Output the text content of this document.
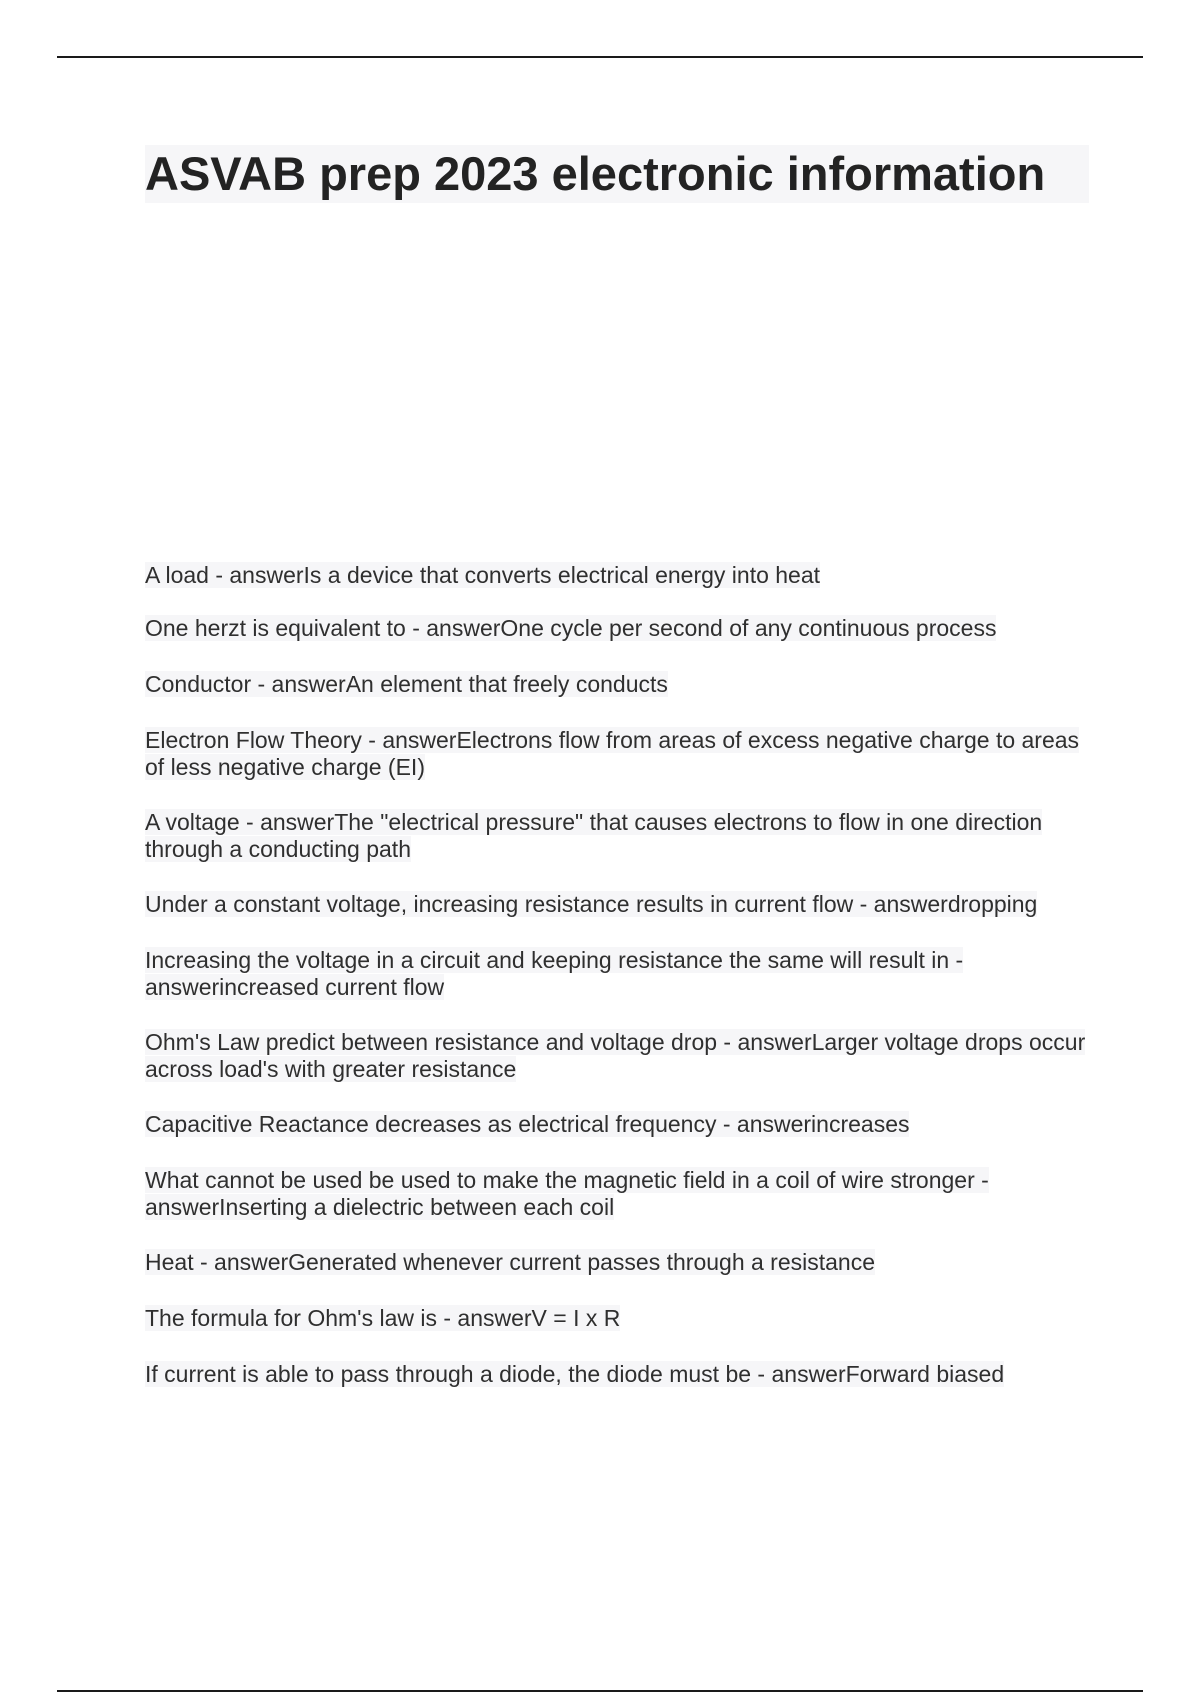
ASVAB prep 2023 electronic information
A load - answerIs a device that converts electrical energy into heat
One herzt is equivalent to - answerOne cycle per second of any continuous process
Conductor - answerAn element that freely conducts
Electron Flow Theory - answerElectrons flow from areas of excess negative charge to areas of less negative charge (EI)
A voltage - answerThe "electrical pressure" that causes electrons to flow in one direction through a conducting path
Under a constant voltage, increasing resistance results in current flow - answerdropping
Increasing the voltage in a circuit and keeping resistance the same will result in - answerincreased current flow
Ohm's Law predict between resistance and voltage drop - answerLarger voltage drops occur across load's with greater resistance
Capacitive Reactance decreases as electrical frequency - answerincreases
What cannot be used be used to make the magnetic field in a coil of wire stronger - answerInserting a dielectric between each coil
Heat - answerGenerated whenever current passes through a resistance
The formula for Ohm's law is - answerV = I x R
If current is able to pass through a diode, the diode must be - answerForward biased
